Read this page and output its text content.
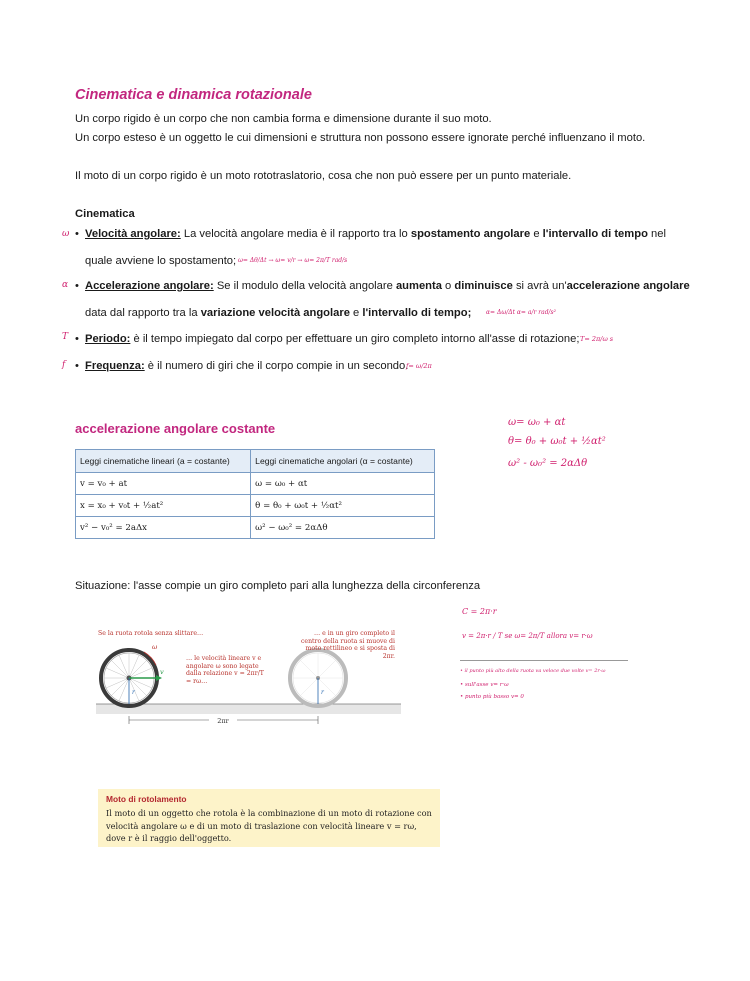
Cinematica e dinamica rotazionale
Un corpo rigido è un corpo che non cambia forma e dimensione durante il suo moto.
Un corpo esteso è un oggetto le cui dimensioni e struttura non possono essere ignorate perché influenzano il moto.
Il moto di un corpo rigido è un moto rototraslatorio, cosa che non può essere per un punto materiale.
Cinematica
ω
α
T
f
• Velocità angolare: La velocità angolare media è il rapporto tra lo spostamento angolare e l'intervallo di tempo nel
quale avviene lo spostamento; ω= Δθ/Δt → ω= v/r → ω= 2π/T rad/s
• Accelerazione angolare: Se il modulo della velocità angolare aumenta o diminuisce si avrà un'accelerazione angolare
data dal rapporto tra la variazione velocità angolare e l'intervallo di tempo; α= Δω/Δt α= a/r rad/s²
• Periodo: è il tempo impiegato dal corpo per effettuare un giro completo intorno all'asse di rotazione; T= 2π/ω s
• Frequenza: è il numero di giri che il corpo compie in un secondo.
f= ω/2π
accelerazione angolare costante	ω= ω₀ + αt
θ= θ₀ + ω₀t + ½αt²
ω² - ω₀² = 2αΔθ
Leggi cinematiche lineari (a = costante)	Leggi cinematiche angolari (α = costante)
v = v₀ + at	ω = ω₀ + αt
x = x₀ + v₀t + ½at²	θ = θ₀ + ω₀t + ½αt²
v² − v₀² = 2aΔx	ω² − ω₀² = 2αΔθ
Situazione: l'asse compie un giro completo pari alla lunghezza della circonferenza
C = 2π·r
v = 2π·r / T se ω= 2π/T allora v= r·ω
• il punto più alto della ruota va veloce due volte v= 2r·ω
• sull'asse v= r·ω
• punto più basso v= 0
2πr
ω
v
r	r
Se la ruota rotola senza slittare…
… le velocità lineare v e angolare ω sono legate dalla relazione v = 2πr/T = rω…
… e in un giro completo il centro della ruota si muove di moto rettilineo e si sposta di 2πr.
Moto di rotolamento
Il moto di un oggetto che rotola è la combinazione di un moto di rotazione con velocità angolare ω e di un moto di traslazione con velocità lineare v = rω, dove r è il raggio dell'oggetto.
